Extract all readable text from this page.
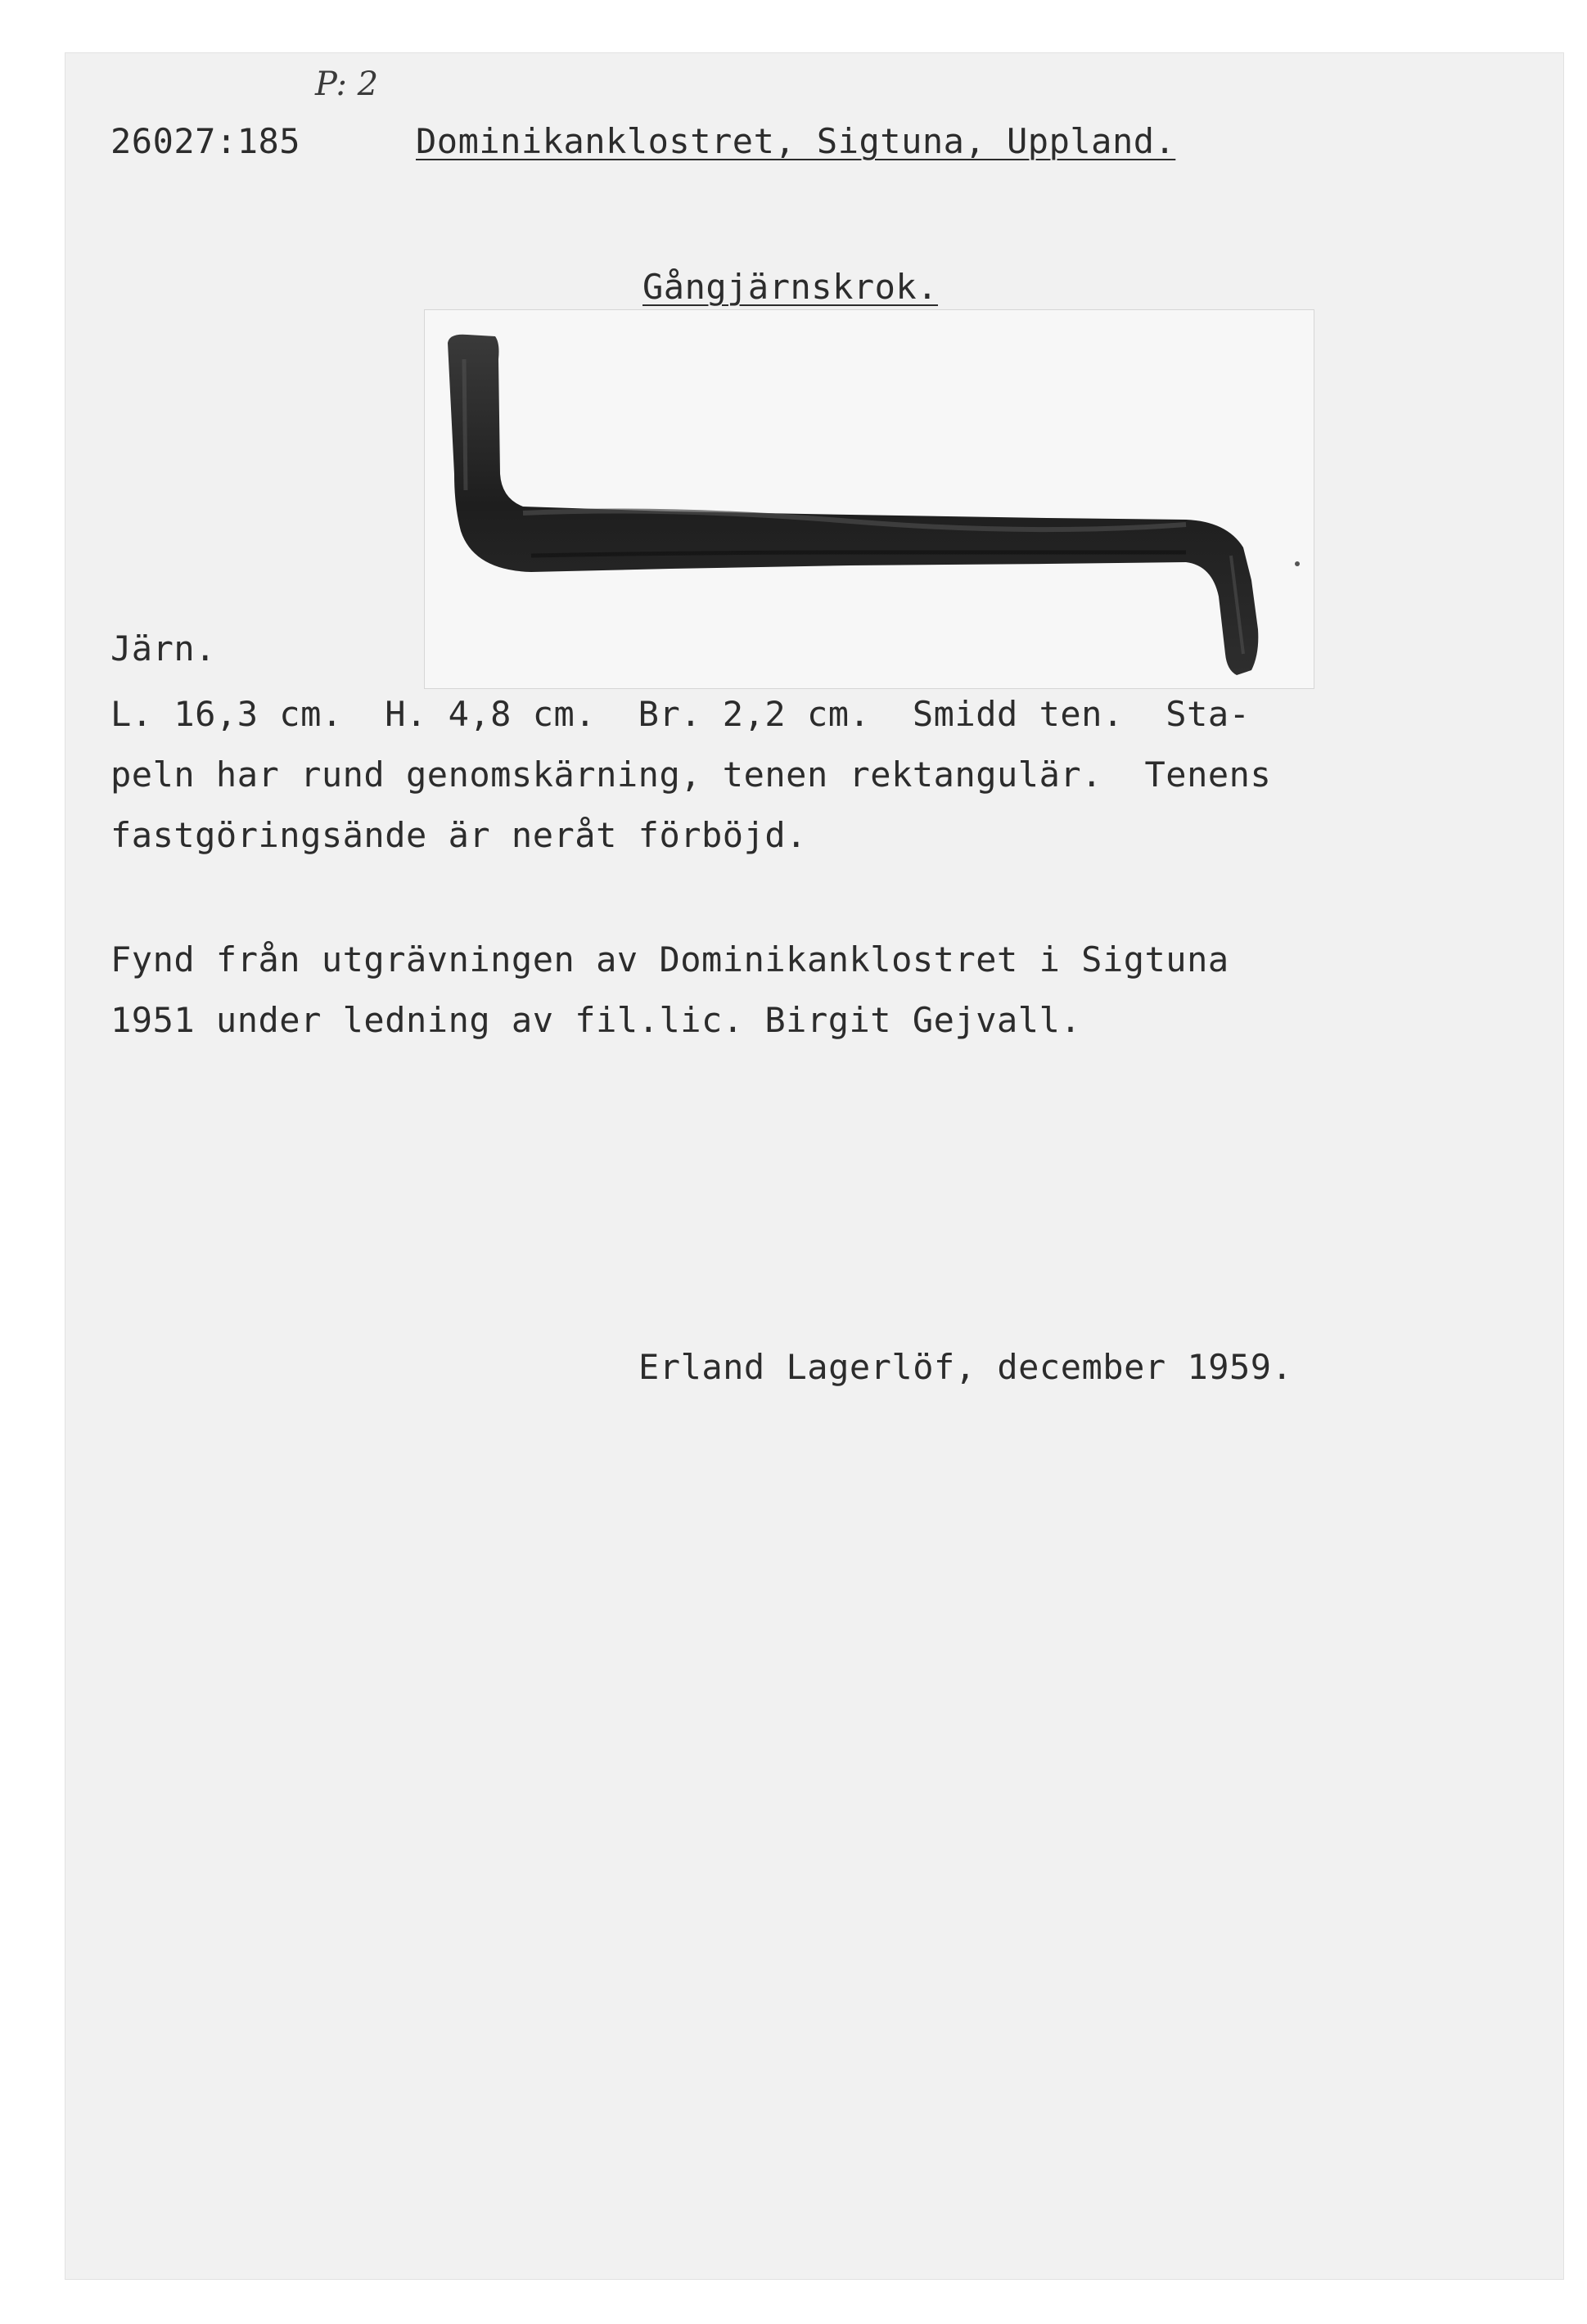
P: 2
26027:185	Dominikanklostret, Sigtuna, Uppland.
Gångjärnskrok.
Järn.
L. 16,3 cm.  H. 4,8 cm.  Br. 2,2 cm.  Smidd ten.  Sta-
peln har rund genomskärning, tenen rektangulär.  Tenens
fastgöringsände är neråt förböjd.
Fynd från utgrävningen av Dominikanklostret i Sigtuna
1951 under ledning av fil.lic. Birgit Gejvall.
Erland Lagerlöf, december 1959.
